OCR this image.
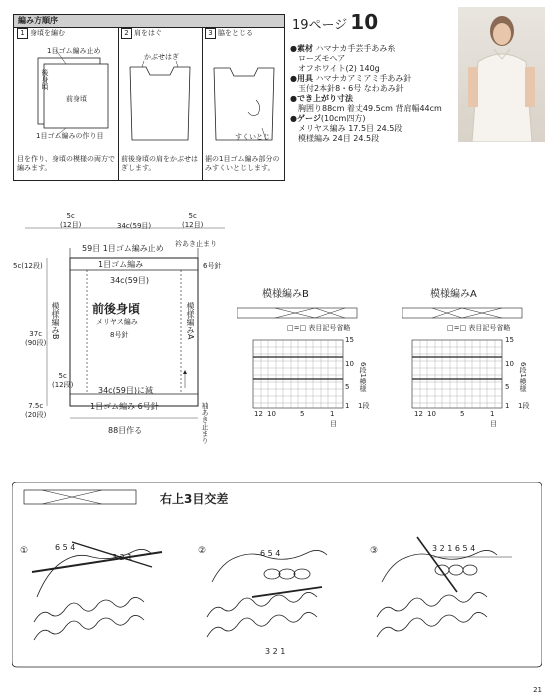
編み方順序
1 身頃を編む
1目ゴム編み止め
後身頃
前身頃
1目ゴム編みの作り目
目を作り、身頃の模様の両方で編みます。
2 肩をはぐ
かぶせはぎ
前後身頃の肩をかぶせはぎします。
3 脇をとじる
すくいとじ
裾の1目ゴム編み部分のみすくいとじします。
19ページ 10
●素材 ハマナカ手芸手あみ糸
ローズモヘア
オフホワイト(2) 140g
●用具 ハマナカアミアミ手あみ針
玉付2本針8・6号 なわあみ針
●でき上がり寸法
胸囲り88cm 着丈49.5cm 背肩幅44cm
●ゲージ(10cm四方)
メリヤス編み 17.5目 24.5段
模様編み 24目 24.5段
5c
(12目)	34c(59目)
5c
(12目)
59目 1目ゴム編み止め 衿あき止まり
1目ゴム編み	6号針
5c(12段)
34c(59目)
模様編みB	模様編みA
前後身頃
メリヤス編み
8号針
37c
(90段)
5c
(12段)
34c(59目)に減
1目ゴム編み 6号針
7.5c
(20段)
88目作る	袖あき止まり
模様編みB
□=□ 表目記号省略
15
10
5
1
6段1模様
1段
12 10	5	1
目
模様編みA
□=□ 表目記号省略
15
10
5
1
6段1模様
1段
12 10	5	1
目
右上3目交差
①	②	③
6 5 4
3 2 1	6 5 4
3 2 1 6 5 4
3 2 1
21
